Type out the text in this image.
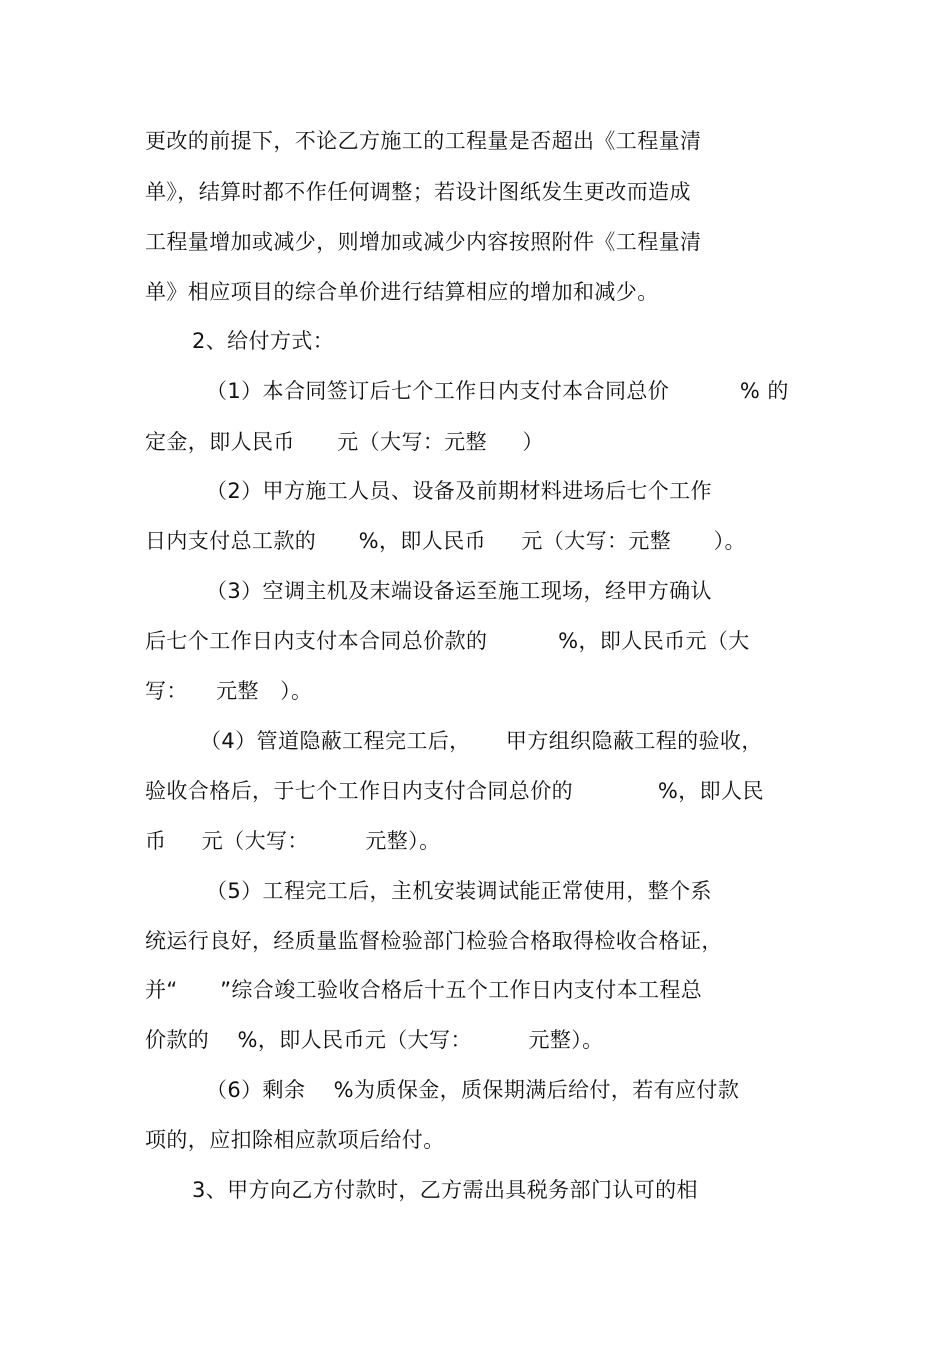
更改的前提下，不论乙方施工的工程量是否超出《工程量清
单》，结算时都不作任何调整；若设计图纸发生更改而造成
工程量增加或减少，则增加或减少内容按照附件《工程量清
单》相应项目的综合单价进行结算相应的增加和减少。
2、给付方式：
（1）本合同签订后七个工作日内支付本合同总价          % 的
定金，即人民币      元（大写：元整     ）
（2）甲方施工人员、设备及前期材料进场后七个工作
日内支付总工款的      %，即人民币     元（大写：元整      ）。
（3）空调主机及末端设备运至施工现场，经甲方确认
后七个工作日内支付本合同总价款的          %，即人民币元（大
写：    元整   ）。
（4）管道隐蔽工程完工后，     甲方组织隐蔽工程的验收，
验收合格后，于七个工作日内支付合同总价的            %，即人民
币     元（大写：        元整）。
（5）工程完工后，主机安装调试能正常使用，整个系
统运行良好，经质量监督检验部门检验合格取得检收合格证，
并“      ”综合竣工验收合格后十五个工作日内支付本工程总
价款的    %，即人民币元（大写：        元整）。
（6）剩余    %为质保金，质保期满后给付，若有应付款
项的，应扣除相应款项后给付。
3、甲方向乙方付款时，乙方需出具税务部门认可的相
